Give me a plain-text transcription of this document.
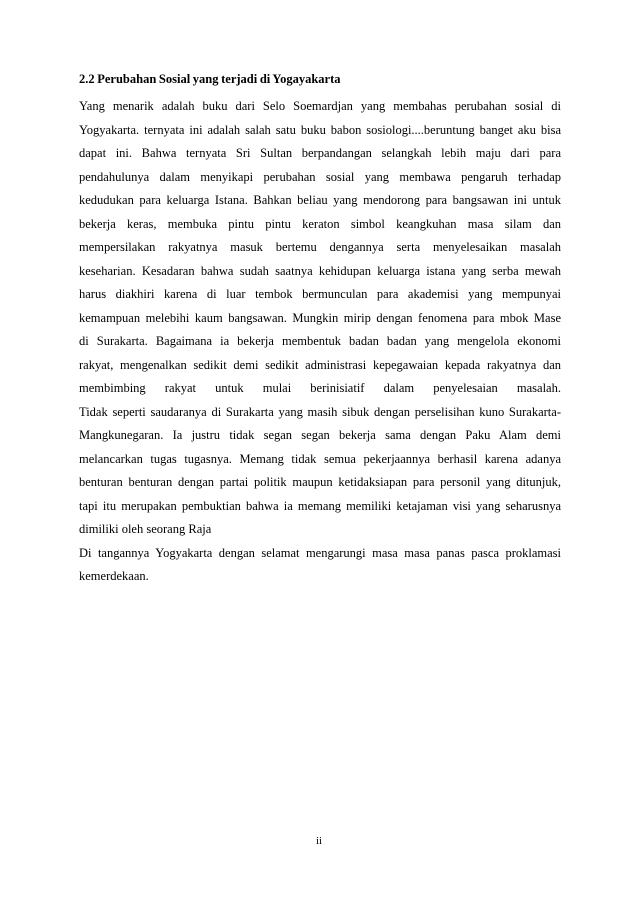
2.2 Perubahan Sosial yang terjadi di Yogayakarta

Yang menarik adalah buku dari Selo Soemardjan yang membahas perubahan sosial di

Yogyakarta. ternyata ini adalah salah satu buku babon sosiologi....beruntung banget aku bisa

dapat ini. Bahwa ternyata Sri Sultan berpandangan selangkah lebih maju dari para

pendahulunya dalam menyikapi perubahan sosial yang membawa pengaruh terhadap

kedudukan para keluarga Istana. Bahkan beliau yang mendorong para bangsawan ini untuk

bekerja keras, membuka pintu pintu keraton simbol keangkuhan masa silam dan

mempersilakan rakyatnya masuk bertemu dengannya serta menyelesaikan masalah

keseharian. Kesadaran bahwa sudah saatnya kehidupan keluarga istana yang serba mewah

harus diakhiri karena di luar tembok bermunculan para akademisi yang mempunyai

kemampuan melebihi kaum bangsawan. Mungkin mirip dengan fenomena para mbok Mase

di Surakarta. Bagaimana ia bekerja membentuk badan badan yang mengelola ekonomi

rakyat, mengenalkan sedikit demi sedikit administrasi kepegawaian kepada rakyatnya dan

membimbing rakyat untuk mulai berinisiatif dalam penyelesaian masalah.

Tidak seperti saudaranya di Surakarta yang masih sibuk dengan perselisihan kuno Surakarta-

Mangkunegaran. Ia justru tidak segan segan bekerja sama dengan Paku Alam demi

melancarkan tugas tugasnya. Memang tidak semua pekerjaannya berhasil karena adanya

benturan benturan dengan partai politik maupun ketidaksiapan para personil yang ditunjuk,

tapi itu merupakan pembuktian bahwa ia memang memiliki ketajaman visi yang seharusnya

dimiliki oleh seorang Raja

Di tangannya Yogyakarta dengan selamat mengarungi masa masa panas pasca proklamasi

kemerdekaan.

ii
